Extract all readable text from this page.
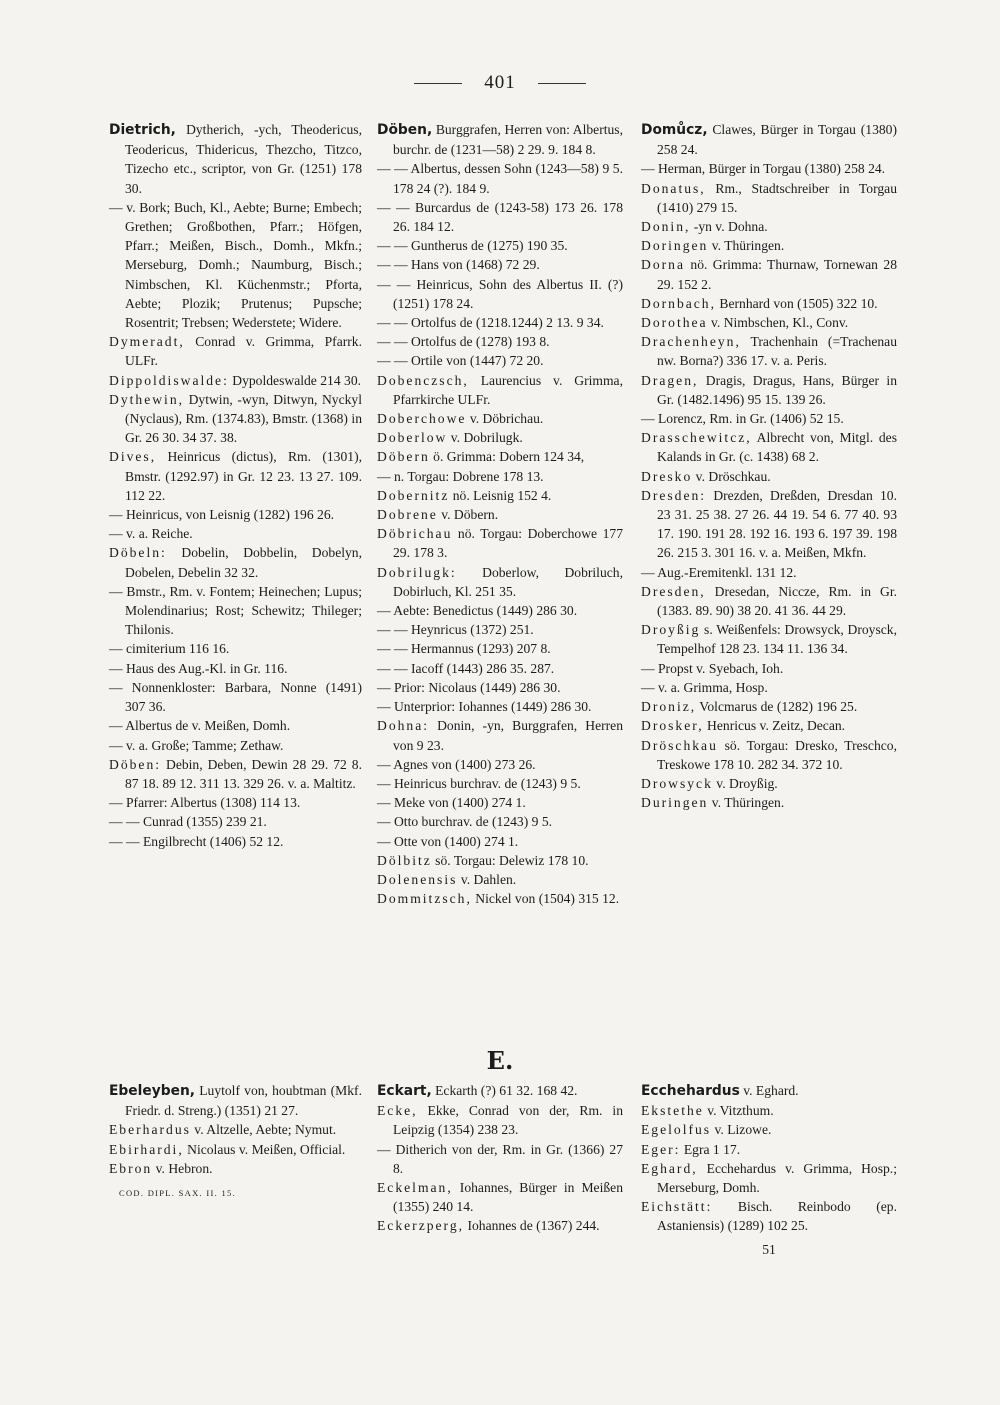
401
Dietrich, Dytherich, -ych, Theodericus, Teodericus, Thidericus, Thezcho, Titzco, Tizecho etc., scriptor, von Gr. (1251) 178 30.
— v. Bork; Buch, Kl., Aebte; Burne; Embech; Grethen; Großbothen, Pfarr.; Höfgen, Pfarr.; Meißen, Bisch., Domh., Mkfn.; Merseburg, Domh.; Naumburg, Bisch.; Nimbschen, Kl. Küchenmstr.; Pforta, Aebte; Plozik; Prutenus; Pupsche; Rosentrit; Trebsen; Wederstete; Widere.
Dymeradt, Conrad v. Grimma, Pfarrk. ULFr.
Dippoldiswalde: Dypoldeswalde 214 30.
Dythewin, Dytwin, -wyn, Ditwyn, Nyckyl (Nyclaus), Rm. (1374.83), Bmstr. (1368) in Gr. 26 30. 34 37. 38.
Dives, Heinricus (dictus), Rm. (1301), Bmstr. (1292.97) in Gr. 12 23. 13 27. 109. 112 22.
— Heinricus, von Leisnig (1282) 196 26.
— v. a. Reiche.
Döbeln: Dobelin, Dobbelin, Dobelyn, Dobelen, Debelin 32 32.
— Bmstr., Rm. v. Fontem; Heinechen; Lupus; Molendinarius; Rost; Schewitz; Thileger; Thilonis.
— cimiterium 116 16.
— Haus des Aug.-Kl. in Gr. 116.
— Nonnenkloster: Barbara, Nonne (1491) 307 36.
— Albertus de v. Meißen, Domh.
— v. a. Große; Tamme; Zethaw.
Döben: Debin, Deben, Dewin 28 29. 72 8. 87 18. 89 12. 311 13. 329 26. v. a. Maltitz.
— Pfarrer: Albertus (1308) 114 13.
— — Cunrad (1355) 239 21.
— — Engilbrecht (1406) 52 12.
Döben, Burggrafen, Herren von: Albertus, burchr. de (1231—58) 2 29. 9. 184 8.
— — Albertus, dessen Sohn (1243—58) 9 5. 178 24 (?). 184 9.
— — Burcardus de (1243-58) 173 26. 178 26. 184 12.
— — Guntherus de (1275) 190 35.
— — Hans von (1468) 72 29.
— — Heinricus, Sohn des Albertus II. (?) (1251) 178 24.
— — Ortolfus de (1218.1244) 2 13. 9 34.
— — Ortolfus de (1278) 193 8.
— — Ortile von (1447) 72 20.
Dobenczsch, Laurencius v. Grimma, Pfarrkirche ULFr.
Doberchowe v. Döbrichau.
Doberlow v. Dobrilugk.
Döbern ö. Grimma: Dobern 124 34,
— n. Torgau: Dobrene 178 13.
Dobernitz nö. Leisnig 152 4.
Dobrene v. Döbern.
Döbrichau nö. Torgau: Doberchowe 177 29. 178 3.
Dobrilugk: Doberlow, Dobriluch, Dobirluch, Kl. 251 35.
— Aebte: Benedictus (1449) 286 30.
— — Heynricus (1372) 251.
— — Hermannus (1293) 207 8.
— — Iacoff (1443) 286 35. 287.
— Prior: Nicolaus (1449) 286 30.
— Unterprior: Iohannes (1449) 286 30.
Dohna: Donin, -yn, Burggrafen, Herren von 9 23.
— Agnes von (1400) 273 26.
— Heinricus burchrav. de (1243) 9 5.
— Meke von (1400) 274 1.
— Otto burchrav. de (1243) 9 5.
— Otte von (1400) 274 1.
Dölbitz sö. Torgau: Delewiz 178 10.
Dolenensis v. Dahlen.
Dommitzsch, Nickel von (1504) 315 12.
Domůcz, Clawes, Bürger in Torgau (1380) 258 24.
— Herman, Bürger in Torgau (1380) 258 24.
Donatus, Rm., Stadtschreiber in Torgau (1410) 279 15.
Donin, -yn v. Dohna.
Doringen v. Thüringen.
Dorna nö. Grimma: Thurnaw, Tornewan 28 29. 152 2.
Dornbach, Bernhard von (1505) 322 10.
Dorothea v. Nimbschen, Kl., Conv.
Drachenheyn, Trachenhain (=Trachenau nw. Borna?) 336 17. v. a. Peris.
Dragen, Dragis, Dragus, Hans, Bürger in Gr. (1482.1496) 95 15. 139 26.
— Lorencz, Rm. in Gr. (1406) 52 15.
Drasschewitcz, Albrecht von, Mitgl. des Kalands in Gr. (c. 1438) 68 2.
Dresko v. Dröschkau.
Dresden: Drezden, Dreßden, Dresdan 10. 23 31. 25 38. 27 26. 44 19. 54 6. 77 40. 93 17. 190. 191 28. 192 16. 193 6. 197 39. 198 26. 215 3. 301 16. v. a. Meißen, Mkfn.
— Aug.-Eremitenkl. 131 12.
Dresden, Dresedan, Niccze, Rm. in Gr. (1383. 89. 90) 38 20. 41 36. 44 29.
Droyßig s. Weißenfels: Drowsyck, Droysck, Tempelhof 128 23. 134 11. 136 34.
— Propst v. Syebach, Ioh.
— v. a. Grimma, Hosp.
Droniz, Volcmarus de (1282) 196 25.
Drosker, Henricus v. Zeitz, Decan.
Dröschkau sö. Torgau: Dresko, Treschco, Treskowe 178 10. 282 34. 372 10.
Drowsyck v. Droyßig.
Duringen v. Thüringen.
E.
Ebeleyben, Luytolf von, houbtman (Mkf. Friedr. d. Streng.) (1351) 21 27.
Eberhardus v. Altzelle, Aebte; Nymut.
Ebirhardi, Nicolaus v. Meißen, Official.
Ebron v. Hebron.
COD. DIPL. SAX. II. 15.
Eckart, Eckarth (?) 61 32. 168 42.
Ecke, Ekke, Conrad von der, Rm. in Leipzig (1354) 238 23.
— Ditherich von der, Rm. in Gr. (1366) 27 8.
Eckelman, Iohannes, Bürger in Meißen (1355) 240 14.
Eckerzperg, Iohannes de (1367) 244.
Ecchehardus v. Eghard.
Ekstethe v. Vitzthum.
Egelolfus v. Lizowe.
Eger: Egra 1 17.
Eghard, Ecchehardus v. Grimma, Hosp.; Merseburg, Domh.
Eichstätt: Bisch. Reinbodo (ep. Astaniensis) (1289) 102 25.
51
